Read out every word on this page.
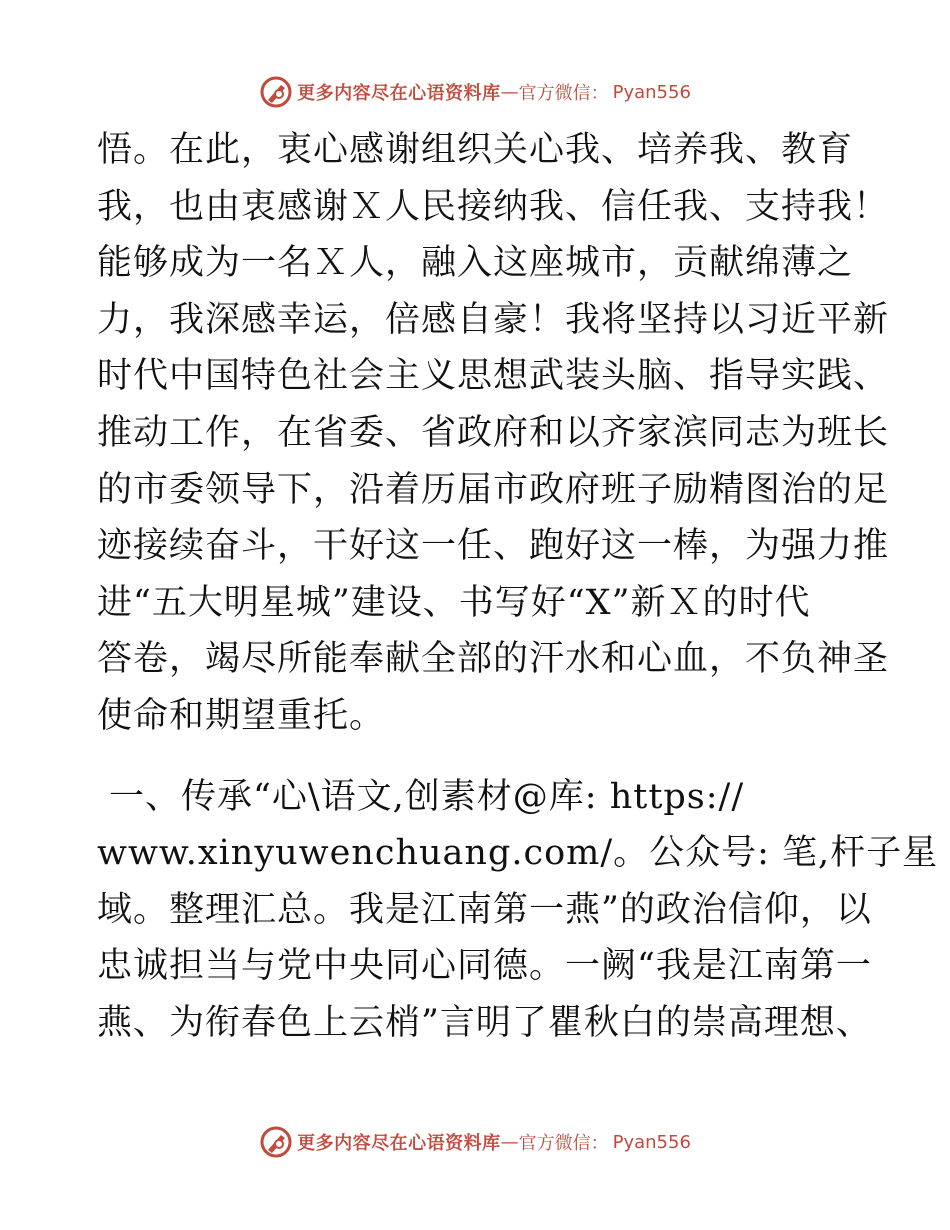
更多内容尽在心语资料库 — 官方微信： Pyan556
悟。在此，衷心感谢组织关心我、培养我、教育
我，也由衷感谢Ｘ人民接纳我、信任我、支持我！
能够成为一名Ｘ人，融入这座城市，贡献绵薄之
力，我深感幸运，倍感自豪！我将坚持以习近平新
时代中国特色社会主义思想武装头脑、指导实践、
推动工作，在省委、省政府和以齐家滨同志为班长
的市委领导下，沿着历届市政府班子励精图治的足
迹接续奋斗，干好这一任、跑好这一棒，为强力推
进“五大明星城”建设、书写好“X”新Ｘ的时代
答卷，竭尽所能奉献全部的汗水和心血，不负神圣
使命和期望重托。
一、传承“心\语文,创素材@库: https://
www.xinyuwenchuang.com/。公众号: 笔,杆子星
域。整理汇总。我是江南第一燕”的政治信仰，以
忠诚担当与党中央同心同德。一阙“我是江南第一
燕、为衔春色上云梢”言明了瞿秋白的崇高理想、
更多内容尽在心语资料库 — 官方微信： Pyan556
